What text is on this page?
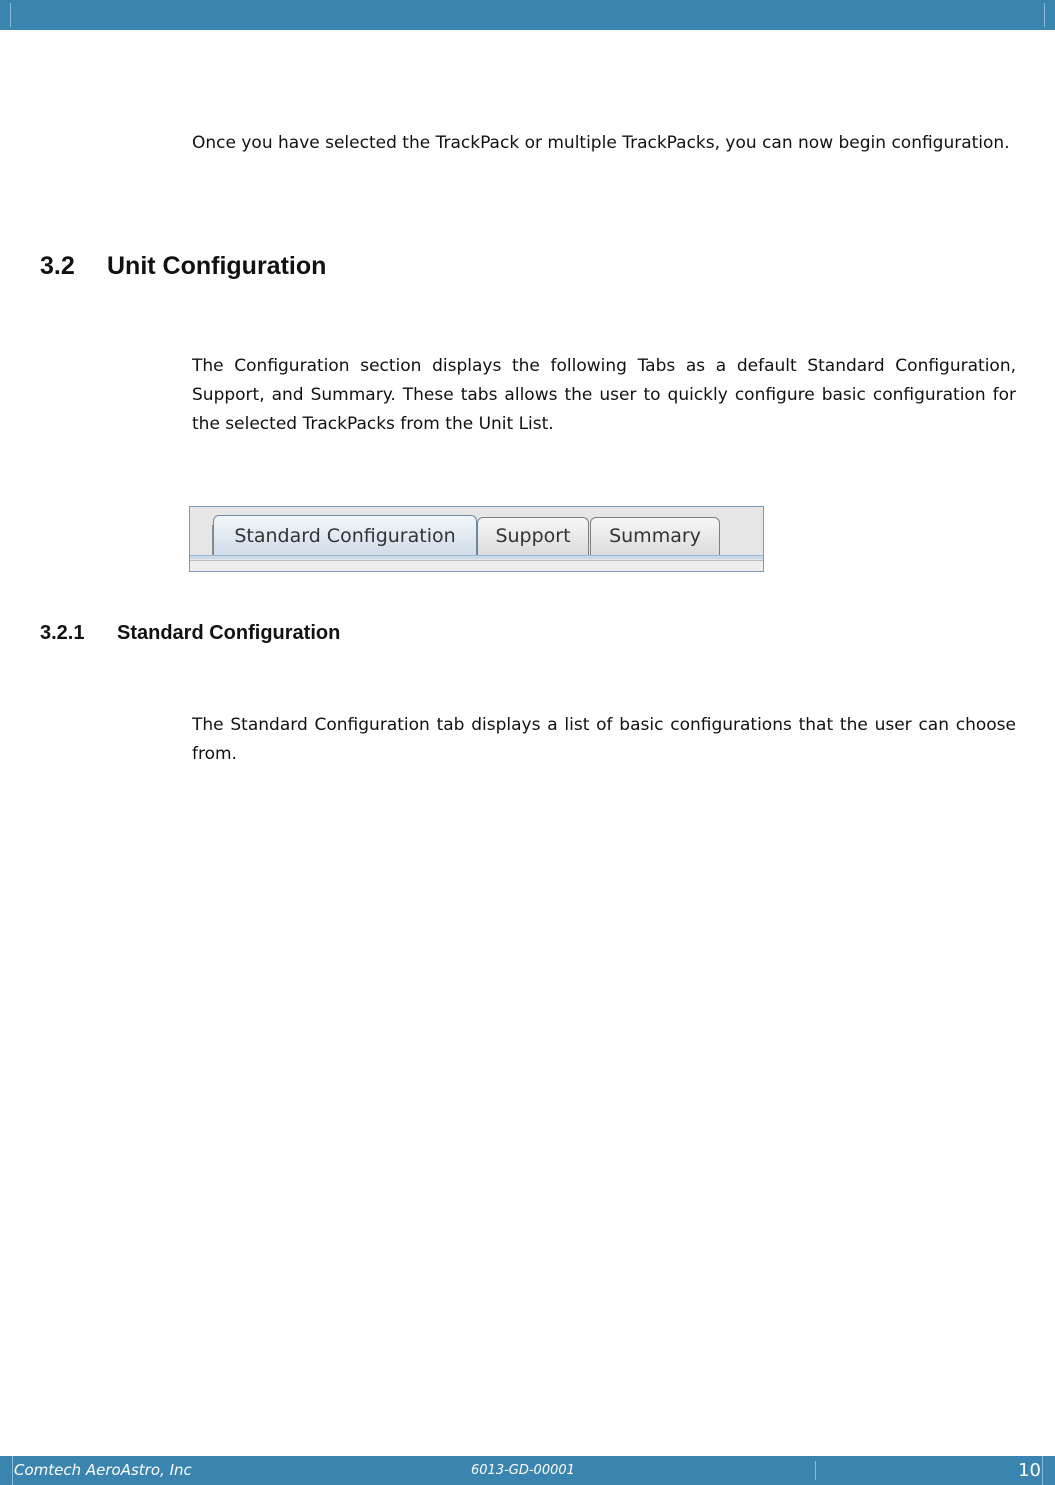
Once you have selected the TrackPack or multiple TrackPacks, you can now begin configuration.

3.2 Unit Configuration

The Configuration section displays the following Tabs as a default Standard Configuration, Support, and Summary. These tabs allows the user to quickly configure basic configuration for the selected TrackPacks from the Unit List.

Standard Configuration	Support	Summary
3.2.1 Standard Configuration

The Standard Configuration tab displays a list of basic configurations that the user can choose from.

Comtech AeroAstro, Inc	6013-GD-00001	10
